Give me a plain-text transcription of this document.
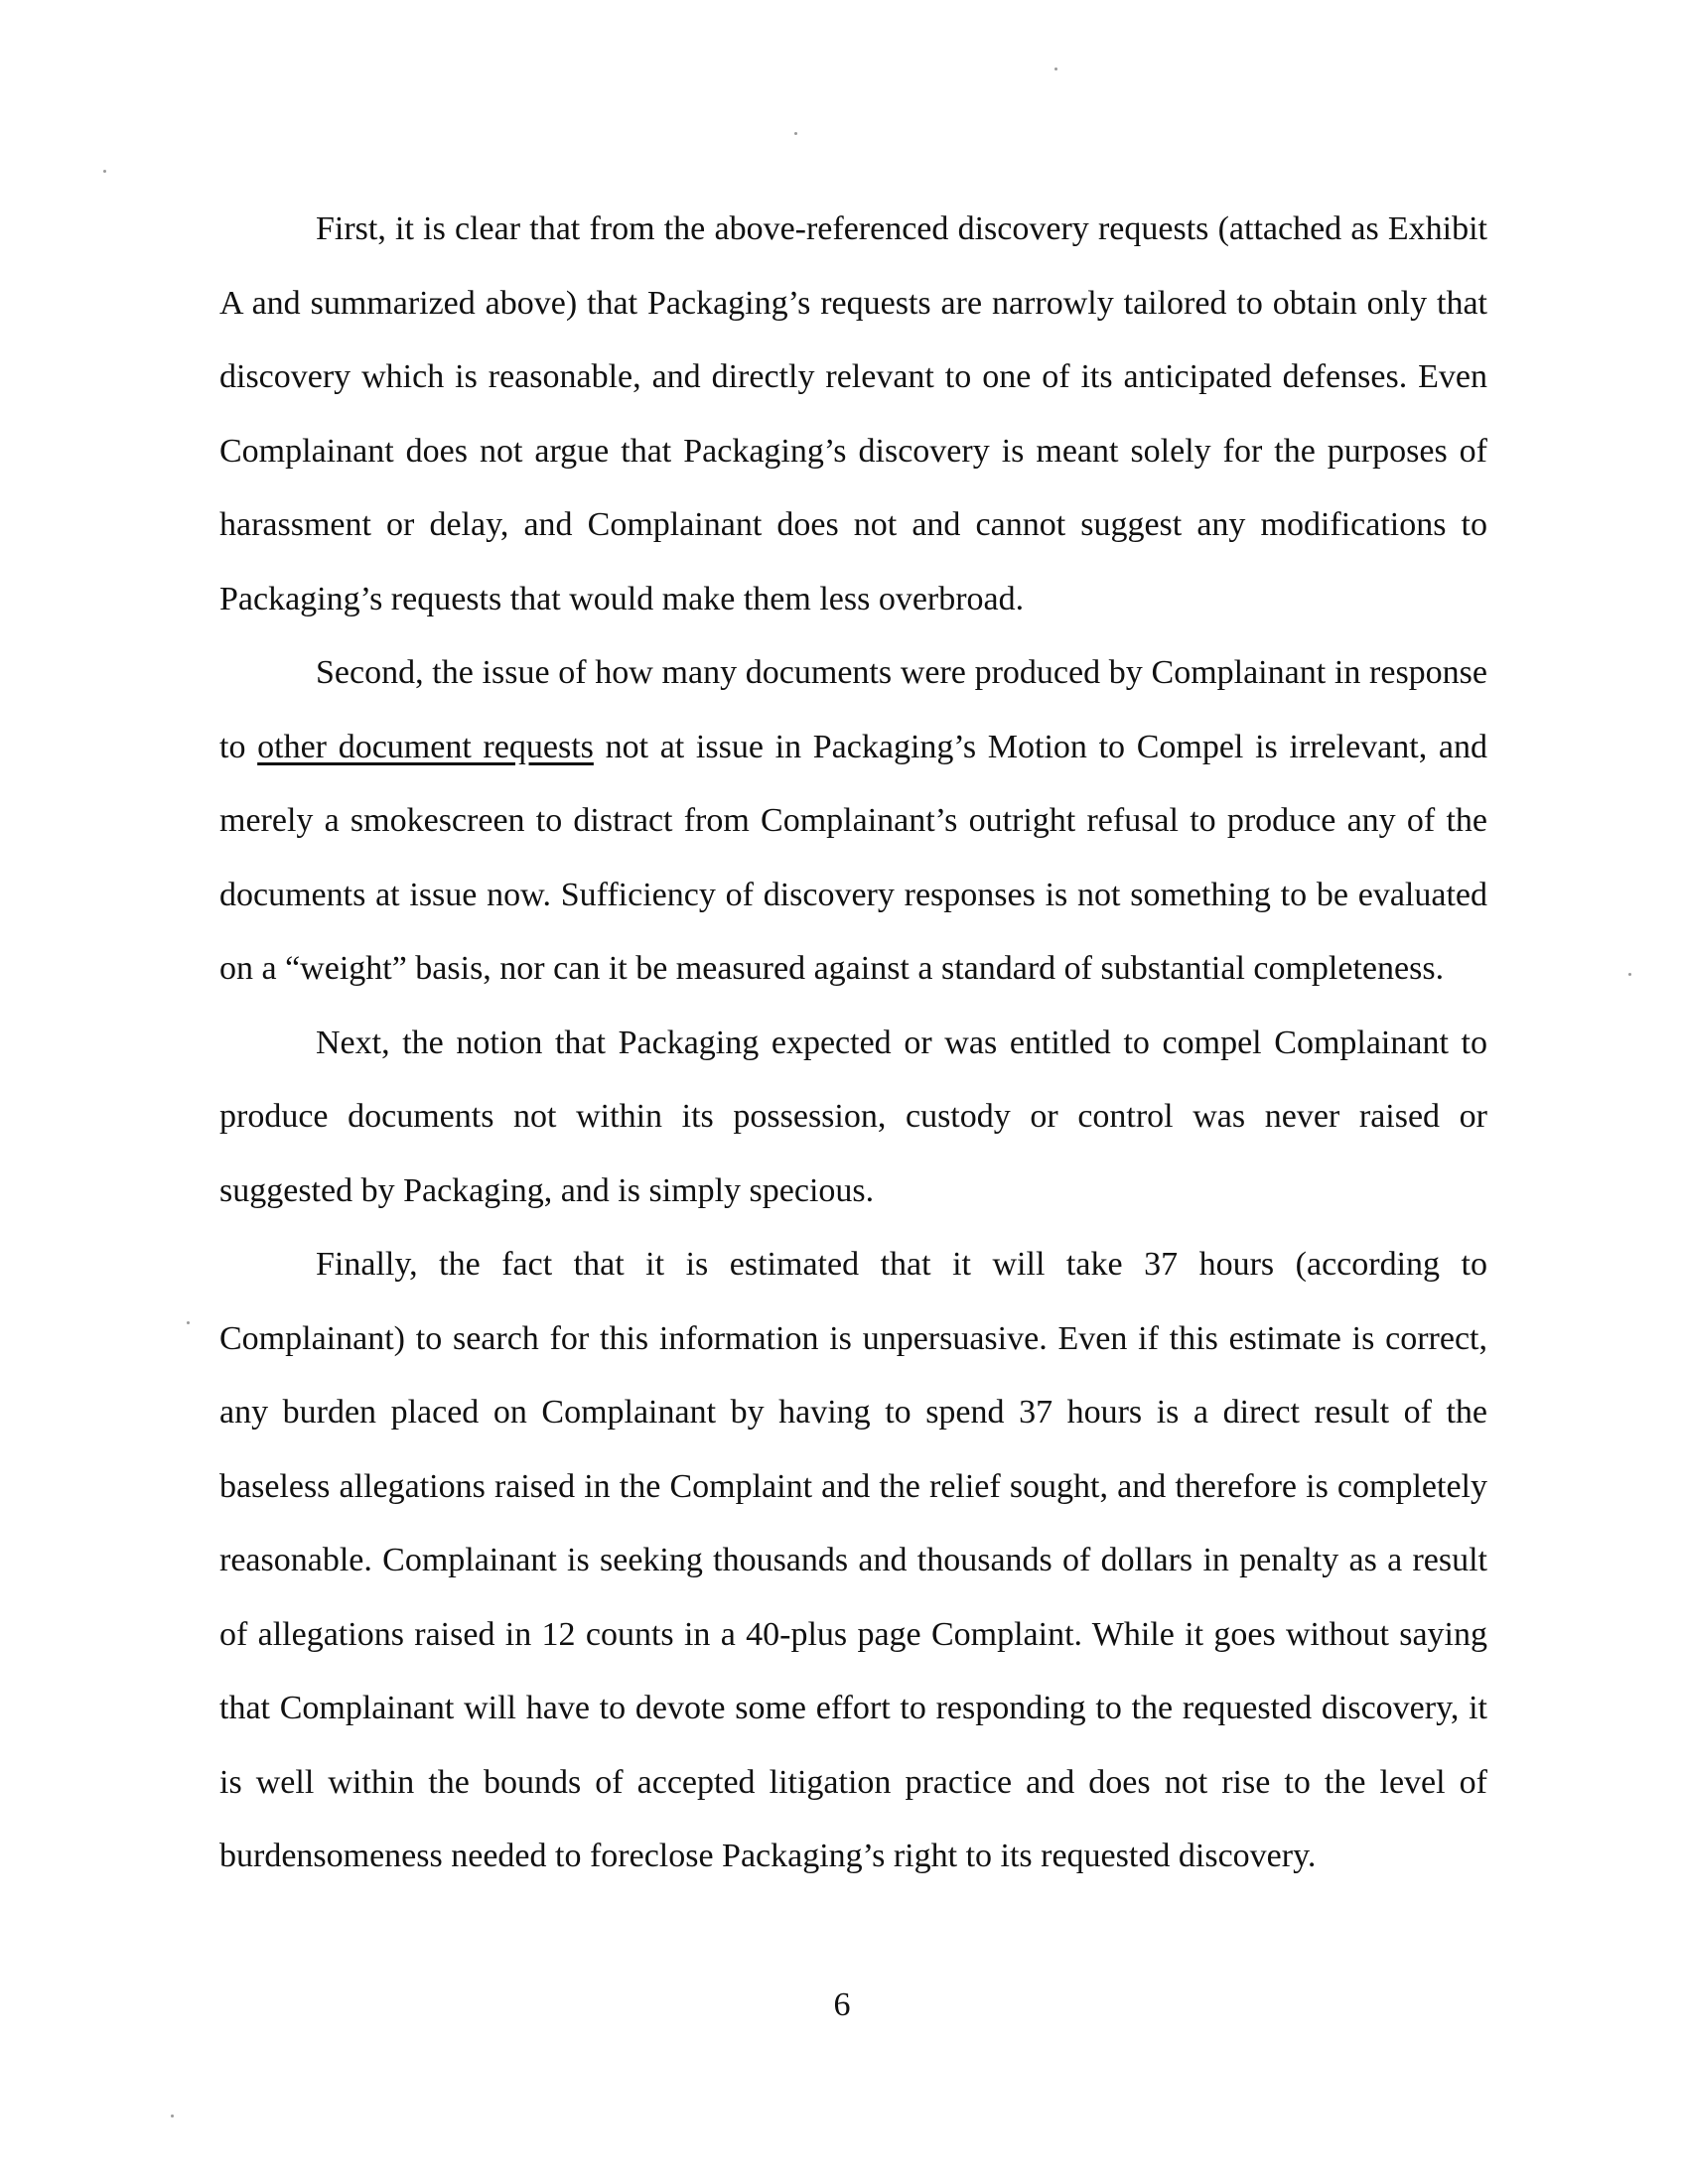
First, it is clear that from the above-referenced discovery requests (attached as Exhibit A and summarized above) that Packaging’s requests are narrowly tailored to obtain only that discovery which is reasonable, and directly relevant to one of its anticipated defenses. Even Complainant does not argue that Packaging’s discovery is meant solely for the purposes of harassment or delay, and Complainant does not and cannot suggest any modifications to Packaging’s requests that would make them less overbroad.

Second, the issue of how many documents were produced by Complainant in response to other document requests not at issue in Packaging’s Motion to Compel is irrelevant, and merely a smokescreen to distract from Complainant’s outright refusal to produce any of the documents at issue now. Sufficiency of discovery responses is not something to be evaluated on a “weight” basis, nor can it be measured against a standard of substantial completeness.

Next, the notion that Packaging expected or was entitled to compel Complainant to produce documents not within its possession, custody or control was never raised or suggested by Packaging, and is simply specious.

Finally, the fact that it is estimated that it will take 37 hours (according to Complainant) to search for this information is unpersuasive. Even if this estimate is correct, any burden placed on Complainant by having to spend 37 hours is a direct result of the baseless allegations raised in the Complaint and the relief sought, and therefore is completely reasonable. Complainant is seeking thousands and thousands of dollars in penalty as a result of allegations raised in 12 counts in a 40-plus page Complaint. While it goes without saying that Complainant will have to devote some effort to responding to the requested discovery, it is well within the bounds of accepted litigation practice and does not rise to the level of burdensomeness needed to foreclose Packaging’s right to its requested discovery.

6
